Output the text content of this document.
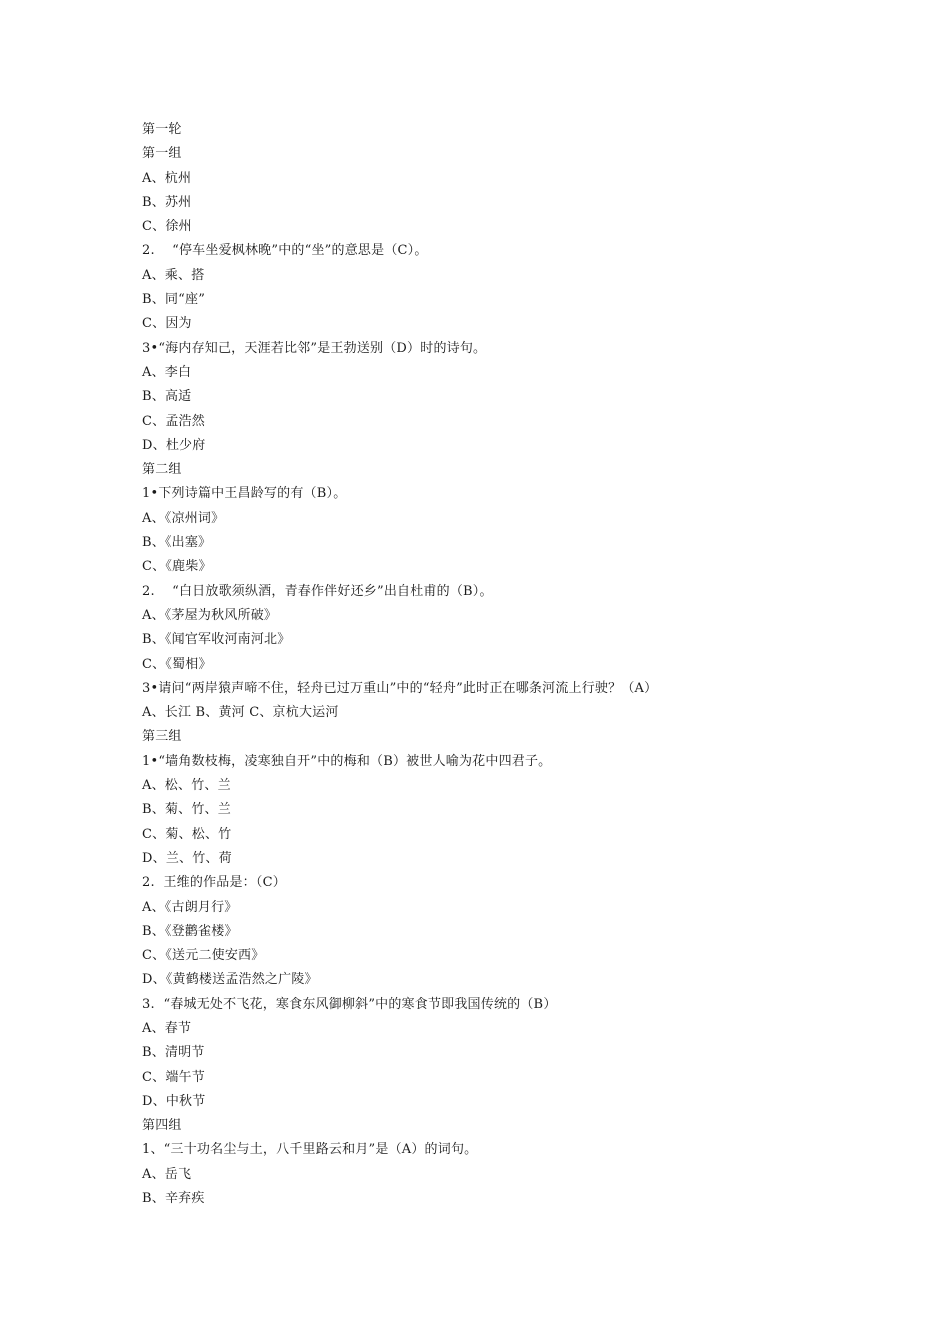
第一轮
第一组
A、杭州
B、苏州
C、徐州
2.    “停车坐爱枫林晚”中的“坐”的意思是（C）。
A、乘、搭
B、同“座”
C、因为
3•“海内存知己，天涯若比邻”是王勃送别（D）时的诗句。
A、李白
B、高适
C、孟浩然
D、杜少府
第二组
1•下列诗篇中王昌龄写的有（B）。
A、《凉州词》
B、《出塞》
C、《鹿柴》
2.    “白日放歌须纵酒，青春作伴好还乡”出自杜甫的（B）。
A、《茅屋为秋风所破》
B、《闻官军收河南河北》
C、《蜀相》
3•请问“两岸猿声啼不住，轻舟已过万重山”中的“轻舟”此时正在哪条河流上行驶？（A）
A、长江 B、黄河 C、京杭大运河
第三组
1•“墙角数枝梅，凌寒独自开”中的梅和（B）被世人喻为花中四君子。
A、松、竹、兰
B、菊、竹、兰
C、菊、松、竹
D、兰、竹、荷
2.  王维的作品是：（C）
A、《古朗月行》
B、《登鹳雀楼》
C、《送元二使安西》
D、《黄鹤楼送孟浩然之广陵》
3.  “春城无处不飞花，寒食东风御柳斜”中的寒食节即我国传统的（B）
A、春节
B、清明节
C、端午节
D、中秋节
第四组
1、“三十功名尘与土，八千里路云和月”是（A）的词句。
A、岳飞
B、辛弃疾
